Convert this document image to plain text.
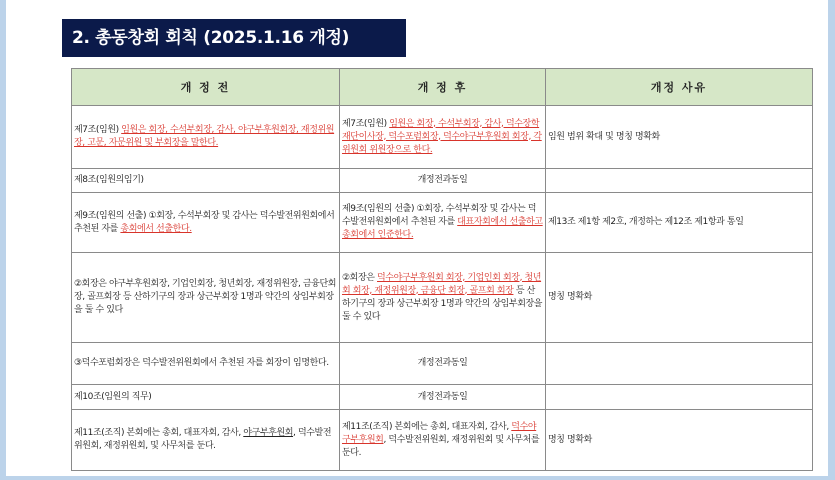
2. 총동창회 회칙 (2025.1.16 개정)
개 정 전	개 정 후	개정 사유
제7조(임원) 임원은 회장, 수석부회장, 감사, 야구부후원회장, 재정위원장, 고문, 자문위원 및 부회장을 말한다.	제7조(임원) 임원은 회장, 수석부회장, 감사, 덕수장학재단이사장, 덕수포럼회장, 덕수야구부후원회 회장, 각 위원회 위원장으로 한다.	임원 범위 확대 및 명칭 명확화
제8조(임원의임기)	개정전과동일	
제9조(임원의 선출) ①회장, 수석부회장 및 감사는 덕수발전위원회에서 추천된 자를 총회에서 선출한다.	제9조(임원의 선출) ①회장, 수석부회장 및 감사는 덕수발전위원회에서 추천된 자를 대표자회에서 선출하고 총회에서 인준한다.	제13조 제1항 제2호, 개정하는 제12조 제1항과 통일
②회장은 야구부후원회장, 기업인회장, 청년회장, 재정위원장, 금융단회장, 골프회장 등 산하기구의 장과 상근부회장 1명과 약간의 상임부회장을 둘 수 있다	②회장은 덕수야구부후원회 회장, 기업인회 회장, 청년회 회장, 재정위원장, 금융단 회장, 골프회 회장 등 산하기구의 장과 상근부회장 1명과 약간의 상임부회장을 둘 수 있다	명칭 명확화
③덕수포럼회장은 덕수발전위원회에서 추천된 자를 회장이 임명한다.	개정전과동일	
제10조(임원의 직무)	개정전과동일	
제11조(조직) 본회에는 총회, 대표자회, 감사, 야구부후원회, 덕수발전위원회, 재정위원회, 및 사무처를 둔다.	제11조(조직) 본회에는 총회, 대표자회, 감사, 덕수야구부후원회, 덕수발전위원회, 재정위원회 및 사무처를 둔다.	명칭 명확화
